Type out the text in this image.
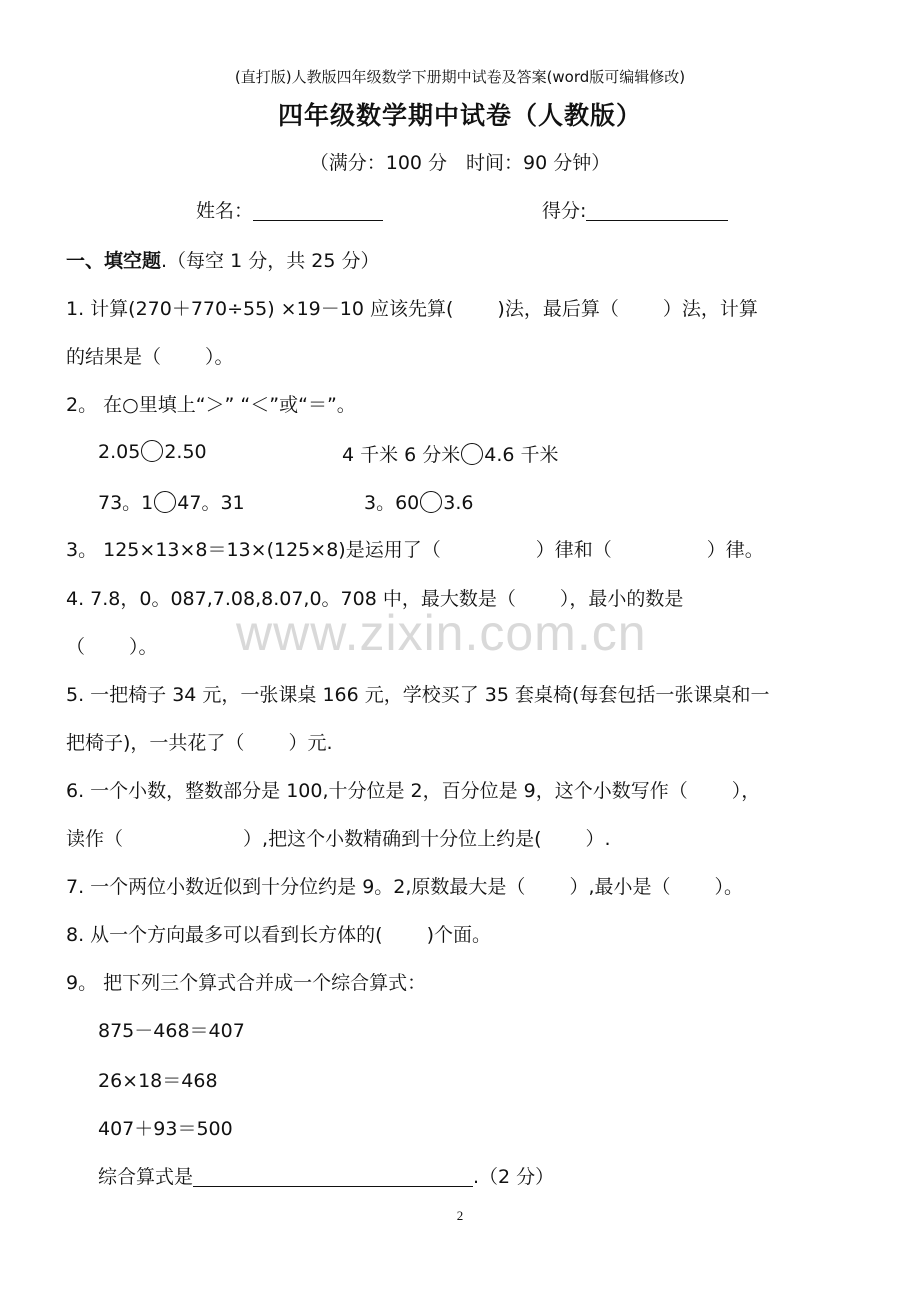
(直打版)人教版四年级数学下册期中试卷及答案(word版可编辑修改)
四年级数学期中试卷（人教版）
（满分：100 分　时间：90 分钟）
姓名：	得分:
一、填空题.（每空 1 分，共 25 分）
1. 计算(270＋770÷55) ×19－10 应该先算(　　 )法，最后算（　　 ）法，计算
的结果是（　　 ）。
2。 在○里填上“＞” “＜”或“＝”。
2.05 2.50	4 千米 6 分米 4.6 千米
73。1 47。31	3。60 3.6
3。 125×13×8＝13×(125×8)是运用了（　　　　　）律和（　　　　　）律。
4. 7.8，0。087,7.08,8.07,0。708 中，最大数是（　　 ），最小的数是
（　　 ）。
5. 一把椅子 34 元，一张课桌 166 元，学校买了 35 套桌椅(每套包括一张课桌和一
把椅子)，一共花了（　　 ）元.
6. 一个小数，整数部分是 100,十分位是 2，百分位是 9，这个小数写作（　　 ），
读作（　　　　　　 ）,把这个小数精确到十分位上约是(　　 ）.
7. 一个两位小数近似到十分位约是 9。2,原数最大是（　　 ）,最小是（　　 ）。
8. 从一个方向最多可以看到长方体的(　　 )个面。
9。 把下列三个算式合并成一个综合算式：
875－468＝407
26×18＝468
407＋93＝500
综合算式是	.（2 分）
www.zixin.com.cn
2
